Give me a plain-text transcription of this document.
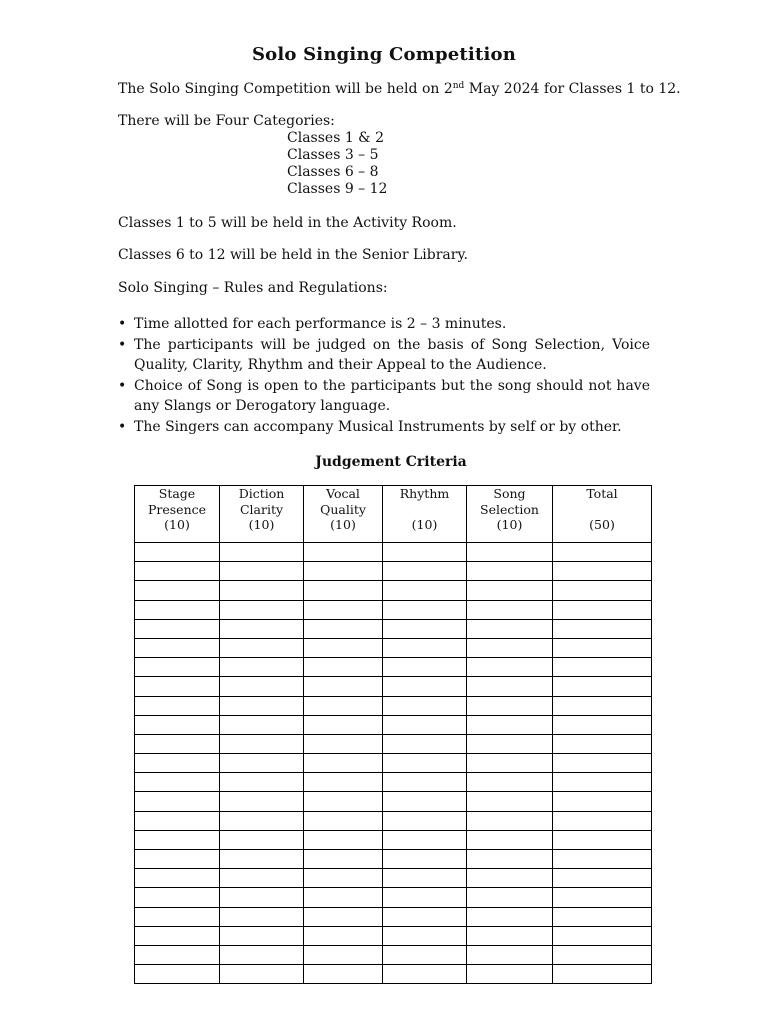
Solo Singing Competition
The Solo Singing Competition will be held on 2nd May 2024 for Classes 1 to 12.
There will be Four Categories:
Classes 1 & 2
Classes 3 – 5
Classes 6 – 8
Classes 9 – 12
Classes 1 to 5 will be held in the Activity Room.
Classes 6 to 12 will be held in the Senior Library.
Solo Singing – Rules and Regulations:
• Time allotted for each performance is 2 – 3 minutes.
• The participants will be judged on the basis of Song Selection, Voice Quality, Clarity, Rhythm and their Appeal to the Audience.
• Choice of Song is open to the participants but the song should not have any Slangs or Derogatory language.
• The Singers can accompany Musical Instruments by self or by other.
Judgement Criteria
Stage
Presence
(10)	Diction
Clarity
(10)	Vocal
Quality
(10)	Rhythm

(10)	Song
Selection
(10)	Total

(50)
